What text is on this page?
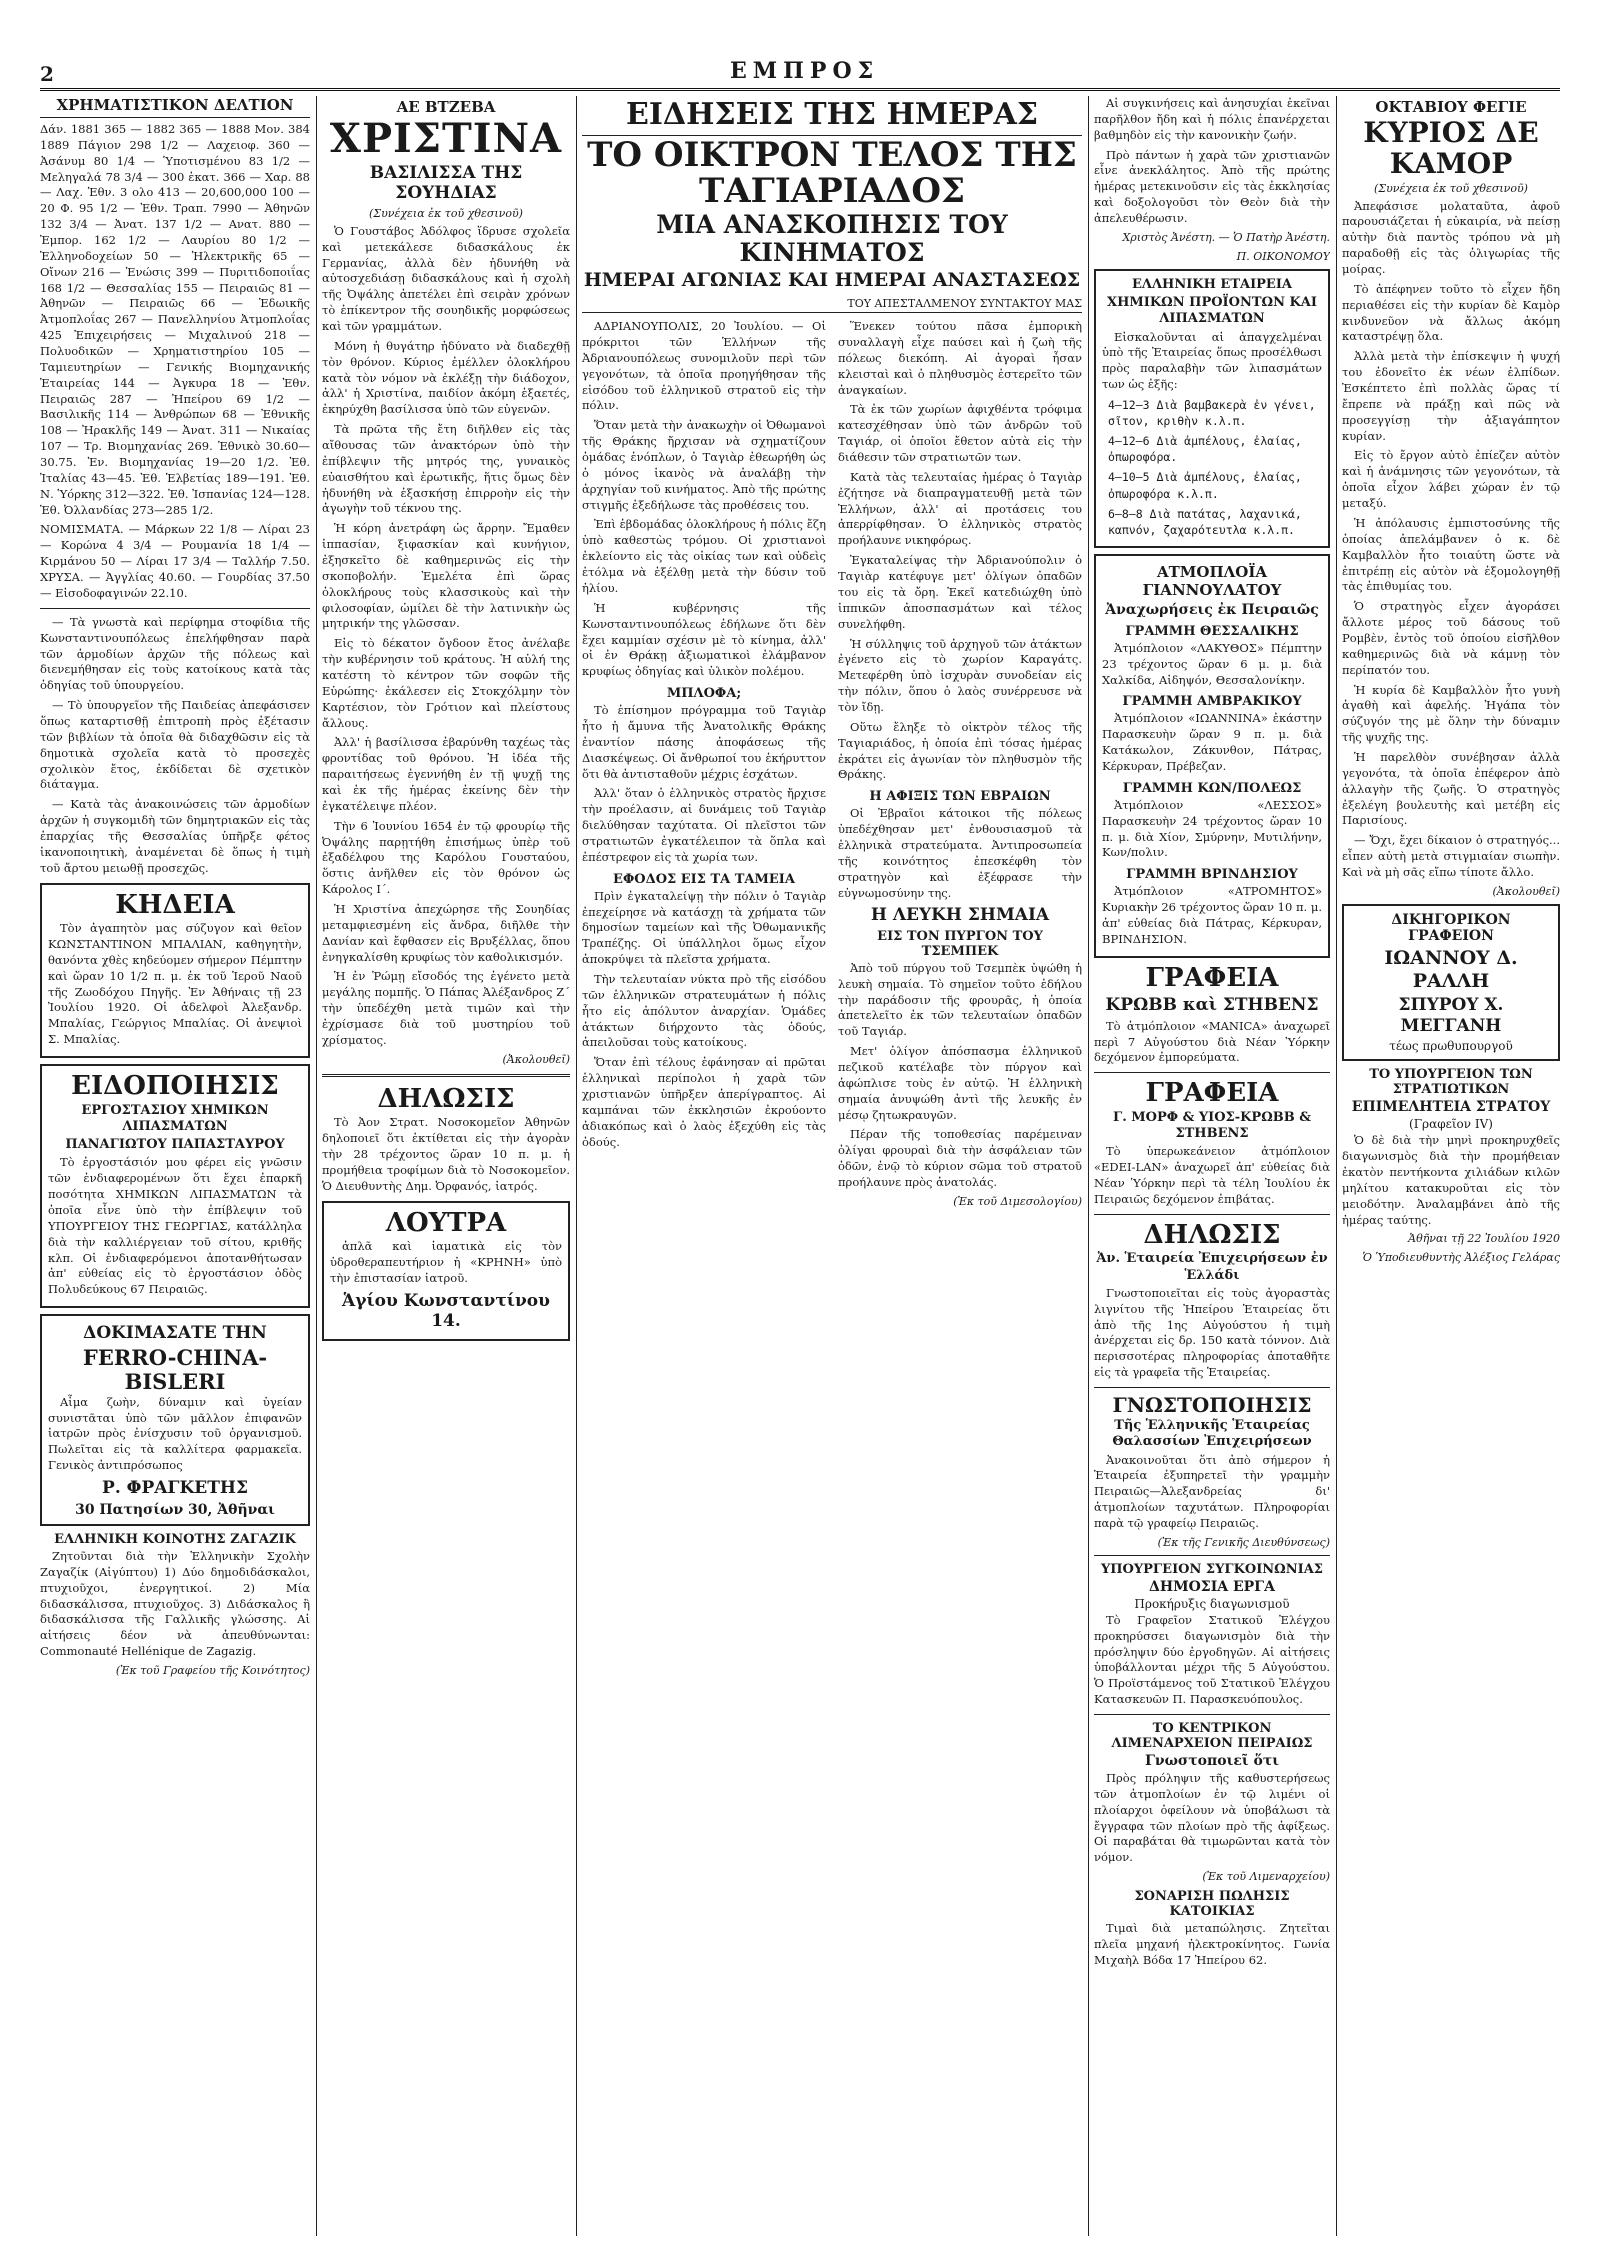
2	ΕΜΠΡΟΣ
ΧΡΗΜΑΤΙΣΤΙΚΟΝ ΔΕΛΤΙΟΝ

Δάν. 1881 365 — 1882 365 — 1888 Μον. 384 1889 Πάγιον 298 1/2 — Λαχειοφ. 360 — Ἀσάνυμ 80 1/4 — Ὑποτισμένου 83 1/2 — Μεληγαλά 78 3/4 — 300 ἑκατ. 366 — Χαρ. 88 — Λαχ. Ἐθν. 3 ολο 413 — 20,600,000 100 — 20 Φ. 95 1/2 — Ἐθν. Τραπ. 7990 — Ἀθηνῶν 132 3/4 — Ἀνατ. 137 1/2 — Ανατ. 880 — Ἐμπορ. 162 1/2 — Λαυρίου 80 1/2 — Ἑλληνοδοχείων 50 — Ἠλεκτρικῆς 65 — Οἴνων 216 — Ἐνώσις 399 — Πυριτιδοποιΐας 168 1/2 — Θεσσαλίας 155 — Πειραιῶς 81 — Ἀθηνῶν — Πειραιῶς 66 — Ἑδωικῆς Ἀτμοπλοΐας 267 — Πανελληνίου Ἀτμοπλοΐας 425 Ἐπιχειρήσεις — Μιχαλινού 218 — Πολυοδικῶν — Χρηματιστηρίου 105 — Ταμιευτηρίων — Γενικής Βιομηχανικής Ἑταιρείας 144 — Ἀγκυρα 18 — Ἐθν. Πειραιῶς 287 — Ἠπείρου 69 1/2 — Βασιλικῆς 114 — Ἀνθρώπων 68 — Ἐθνικῆς 108 — Ἠρακλῆς 149 — Ἀνατ. 311 — Νικαίας 107 — Τρ. Βιομηχανίας 269. Ἐθνικὸ 30.60—30.75. Ἐν. Βιομηχανίας 19—20 1/2. Ἐθ. Ἰταλίας 43—45. Ἐθ. Ἑλβετίας 189—191. Ἐθ. Ν. Ὑόρκης 312—322. Ἐθ. Ἰσπανίας 124—128. Ἐθ. Ὀλλανδίας 273—285 1/2.

ΝΟΜΙΣΜΑΤΑ. — Μάρκων 22 1/8 — Λίραι 23 — Κορώνα 4 3/4 — Ρουμανία 18 1/4 — Κιρμάνου 50 — Λίραι 17 3/4 — Ταλλήρ 7.50. ΧΡΥΣΑ. — Ἀγγλίας 40.60. — Γουρδίας 37.50 — Εἰσοδοφαγινών 22.10.

— Τὰ γνωστὰ καὶ περίφημα στοφίδια τῆς Κωνσταντινουπόλεως ἐπελήφθησαν παρὰ τῶν ἁρμοδίων ἀρχῶν τῆς πόλεως καὶ διενεμήθησαν εἰς τοὺς κατοίκους κατὰ τὰς ὁδηγίας τοῦ ὑπουργείου.

— Τὸ ὑπουργεῖον τῆς Παιδείας ἀπεφάσισεν ὅπως καταρτισθῇ ἐπιτροπὴ πρὸς ἐξέτασιν τῶν βιβλίων τὰ ὁποῖα θὰ διδαχθῶσιν εἰς τὰ δημοτικὰ σχολεῖα κατὰ τὸ προσεχὲς σχολικὸν ἔτος, ἐκδίδεται δὲ σχετικὸν διάταγμα.

— Κατὰ τὰς ἀνακοινώσεις τῶν ἀρμοδίων ἀρχῶν ἡ συγκομιδὴ τῶν δημητριακῶν εἰς τὰς ἐπαρχίας τῆς Θεσσαλίας ὑπῆρξε φέτος ἱκανοποιητικὴ, ἀναμένεται δὲ ὅπως ἡ τιμὴ τοῦ ἄρτου μειωθῇ προσεχῶς.

ΚΗΔΕΙΑ

Τὸν ἀγαπητὸν μας σύζυγον καὶ θεῖον ΚΩΝΣΤΑΝΤΙΝΟΝ ΜΠΑΛΙΑΝ, καθηγητὴν, θανόντα χθὲς κηδεύομεν σήμερον Πέμπτην καὶ ὥραν 10 1/2 π. μ. ἐκ τοῦ Ἱεροῦ Ναοῦ τῆς Ζωοδόχου Πηγῆς. Ἐν Ἀθήναις τῇ 23 Ἰουλίου 1920. Οἱ ἀδελφοὶ Ἀλεξανδρ. Μπαλίας, Γεώργιος Μπαλίας. Οἱ ἀνεψιοὶ Σ. Μπαλίας.

ΕΙΔΟΠΟΙΗΣΙΣ
ΕΡΓΟΣΤΑΣΙΟΥ ΧΗΜΙΚΩΝ ΛΙΠΑΣΜΑΤΩΝ
ΠΑΝΑΓΙΩΤΟΥ ΠΑΠΑΣΤΑΥΡΟΥ

Τὸ ἐργοστάσιόν μου φέρει εἰς γνῶσιν τῶν ἐνδιαφερομένων ὅτι ἔχει ἐπαρκῆ ποσότητα ΧΗΜΙΚΩΝ ΛΙΠΑΣΜΑΤΩΝ τὰ ὁποῖα εἶνε ὑπὸ τὴν ἐπίβλεψιν τοῦ ΥΠΟΥΡΓΕΙΟΥ ΤΗΣ ΓΕΩΡΓΙΑΣ, κατάλληλα διὰ τὴν καλλιέργειαν τοῦ σίτου, κριθῆς κλπ. Οἱ ἐνδιαφερόμενοι ἀποτανθήτωσαν ἀπ' εὐθείας εἰς τὸ ἐργοστάσιον ὁδὸς Πολυδεύκους 67 Πειραιῶς.

ΔΟΚΙΜΑΣΑΤΕ ΤΗΝ
FERRO-CHINA-BISLERI

Αἷμα ζωὴν, δύναμιν καὶ ὑγείαν συνιστᾶται ὑπὸ τῶν μᾶλλον ἐπιφανῶν ἰατρῶν πρὸς ἐνίσχυσιν τοῦ ὀργανισμοῦ. Πωλεῖται εἰς τὰ καλλίτερα φαρμακεῖα. Γενικὸς ἀντιπρόσωπος

Ρ. ΦΡΑΓΚΕΤΗΣ
30 Πατησίων 30, Ἀθῆναι
ΕΛΛΗΝΙΚΗ ΚΟΙΝΟΤΗΣ ΖΑΓΑΖΙΚ

Ζητοῦνται διὰ τὴν Ἑλληνικὴν Σχολὴν Ζαγαζίκ (Αἰγύπτου) 1) Δύο δημοδιδάσκαλοι, πτυχιοῦχοι, ἐνεργητικοί. 2) Μία διδασκάλισσα, πτυχιοῦχος. 3) Διδάσκαλος ἢ διδασκάλισσα τῆς Γαλλικῆς γλώσσης. Αἱ αἰτήσεις δέον νὰ ἀπευθύνωνται: Commonauté Hellénique de Zagazig.

(Ἐκ τοῦ Γραφείου τῆς Κοινότητος)

ΑΕ ΒΤΖΕΒΑ
ΧΡΙΣΤΙΝΑ
ΒΑΣΙΛΙΣΣΑ ΤΗΣ ΣΟΥΗΔΙΑΣ
(Συνέχεια ἐκ τοῦ χθεσινοῦ)

Ὁ Γουστάβος Ἀδόλφος ἵδρυσε σχολεῖα καὶ μετεκάλεσε διδασκάλους ἐκ Γερμανίας, ἀλλὰ δὲν ἠδυνήθη νὰ αὐτοσχεδιάσῃ διδασκάλους καὶ ἡ σχολὴ τῆς Ὀψάλης ἀπετέλει ἐπὶ σειρὰν χρόνων τὸ ἐπίκεντρον τῆς σουηδικῆς μορφώσεως καὶ τῶν γραμμάτων.

Μόνη ἡ θυγάτηρ ἠδύνατο νὰ διαδεχθῇ τὸν θρόνον. Κύριος ἐμέλλεν ὁλοκλήρου κατὰ τὸν νόμον νὰ ἐκλέξῃ τὴν διάδοχον, ἀλλ' ἡ Χριστίνα, παιδίον ἀκόμη ἑξαετές, ἐκηρύχθη βασίλισσα ὑπὸ τῶν εὐγενῶν.

Τὰ πρῶτα τῆς ἔτη διῆλθεν εἰς τὰς αἴθουσας τῶν ἀνακτόρων ὑπὸ τὴν ἐπίβλεψιν τῆς μητρός της, γυναικὸς εὐαισθήτου καὶ ἐρωτικῆς, ἥτις ὅμως δὲν ἠδυνήθη νὰ ἐξασκήσῃ ἐπιρροὴν εἰς τὴν ἀγωγὴν τοῦ τέκνου της.

Ἡ κόρη ἀνετράφη ὡς ἄρρην. Ἔμαθεν ἱππασίαν, ξιφασκίαν καὶ κυνήγιον, ἐξησκεῖτο δὲ καθημερινῶς εἰς τὴν σκοποβολήν. Ἐμελέτα ἐπὶ ὥρας ὁλοκλήρους τοὺς κλασσικοὺς καὶ τὴν φιλοσοφίαν, ὡμίλει δὲ τὴν λατινικὴν ὡς μητρικήν της γλῶσσαν.

Εἰς τὸ δέκατον ὄγδοον ἔτος ἀνέλαβε τὴν κυβέρνησιν τοῦ κράτους. Ἡ αὐλή της κατέστη τὸ κέντρον τῶν σοφῶν τῆς Εὐρώπης· ἐκάλεσεν εἰς Στοκχόλμην τὸν Καρτέσιον, τὸν Γρότιον καὶ πλείστους ἄλλους.

Ἀλλ' ἡ βασίλισσα ἐβαρύνθη ταχέως τὰς φροντίδας τοῦ θρόνου. Ἡ ἰδέα τῆς παραιτήσεως ἐγεννήθη ἐν τῇ ψυχῇ της καὶ ἐκ τῆς ἡμέρας ἐκείνης δὲν τὴν ἐγκατέλειψε πλέον.

Τὴν 6 Ἰουνίου 1654 ἐν τῷ φρουρίῳ τῆς Ὀψάλης παρῃτήθη ἐπισήμως ὑπὲρ τοῦ ἐξαδέλφου της Καρόλου Γουσταύου, ὅστις ἀνῆλθεν εἰς τὸν θρόνον ὡς Κάρολος Ι΄.

Ἡ Χριστίνα ἀπεχώρησε τῆς Σουηδίας μεταμφιεσμένη εἰς ἄνδρα, διῆλθε τὴν Δανίαν καὶ ἔφθασεν εἰς Βρυξέλλας, ὅπου ἐνηγκαλίσθη κρυφίως τὸν καθολικισμόν.

Ἡ ἐν Ῥώμῃ εἴσοδός της ἐγένετο μετὰ μεγάλης πομπῆς. Ὁ Πάπας Ἀλέξανδρος Ζ΄ τὴν ὑπεδέχθη μετὰ τιμῶν καὶ τὴν ἐχρίσμασε διὰ τοῦ μυστηρίου τοῦ χρίσματος.

(Ἀκολουθεῖ)

ΔΗΛΩΣΙΣ

Τὸ Ἀον Στρατ. Νοσοκομεῖον Ἀθηνῶν δηλοποιεῖ ὅτι ἐκτίθεται εἰς τὴν ἀγορὰν τὴν 28 τρέχοντος ὥραν 10 π. μ. ἡ προμήθεια τροφίμων διὰ τὸ Νοσοκομεῖον. Ὁ Διευθυντὴς Δημ. Ὀρφανός, ἰατρός.

ΛΟΥΤΡΑ

ἀπλᾶ καὶ ἰαματικὰ εἰς τὸν ὑδροθεραπευτήριον ἡ «ΚΡΗΝΗ» ὑπὸ τὴν ἐπιστασίαν ἰατροῦ.

Ἁγίου Κωνσταντίνου 14.
ΕΙΔΗΣΕΙΣ ΤΗΣ ΗΜΕΡΑΣ
ΤΟ ΟΙΚΤΡΟΝ ΤΕΛΟΣ ΤΗΣ ΤΑΓΙΑΡΙΑΔΟΣ
ΜΙΑ ΑΝΑΣΚΟΠΗΣΙΣ ΤΟΥ ΚΙΝΗΜΑΤΟΣ
ΗΜΕΡΑΙ ΑΓΩΝΙΑΣ ΚΑΙ ΗΜΕΡΑΙ ΑΝΑΣΤΑΣΕΩΣ
ΤΟΥ ΑΠΕΣΤΑΛΜΕΝΟΥ ΣΥΝΤΑΚΤΟΥ ΜΑΣ

ΑΔΡΙΑΝΟΥΠΟΛΙΣ, 20 Ἰουλίου. — Οἱ πρόκριτοι τῶν Ἑλλήνων τῆς Ἀδριανουπόλεως συνομιλοῦν περὶ τῶν γεγονότων, τὰ ὁποῖα προηγήθησαν τῆς εἰσόδου τοῦ ἑλληνικοῦ στρατοῦ εἰς τὴν πόλιν.

Ὅταν μετὰ τὴν ἀνακωχὴν οἱ Ὀθωμανοὶ τῆς Θράκης ἤρχισαν νὰ σχηματίζουν ὁμάδας ἐνόπλων, ὁ Ταγιὰρ ἐθεωρήθη ὡς ὁ μόνος ἱκανὸς νὰ ἀναλάβῃ τὴν ἀρχηγίαν τοῦ κινήματος. Ἀπὸ τῆς πρώτης στιγμῆς ἐξεδήλωσε τὰς προθέσεις του.

Ἐπὶ ἑβδομάδας ὁλοκλήρους ἡ πόλις ἔζη ὑπὸ καθεστὼς τρόμου. Οἱ χριστιανοὶ ἐκλείοντο εἰς τὰς οἰκίας των καὶ οὐδεὶς ἐτόλμα νὰ ἐξέλθῃ μετὰ τὴν δύσιν τοῦ ἡλίου.

Ἡ κυβέρνησις τῆς Κωνσταντινουπόλεως ἐδήλωνε ὅτι δὲν ἔχει καμμίαν σχέσιν μὲ τὸ κίνημα, ἀλλ' οἱ ἐν Θράκῃ ἀξιωματικοὶ ἐλάμβανον κρυφίως ὁδηγίας καὶ ὑλικὸν πολέμου.

ΜΠΛΟΦΑ;

Τὸ ἐπίσημον πρόγραμμα τοῦ Ταγιὰρ ἦτο ἡ ἄμυνα τῆς Ἀνατολικῆς Θράκης ἐναντίον πάσης ἀποφάσεως τῆς Διασκέψεως. Οἱ ἄνθρωποί του ἐκήρυττον ὅτι θὰ ἀντισταθοῦν μέχρις ἐσχάτων.

Ἀλλ' ὅταν ὁ ἑλληνικὸς στρατὸς ἤρχισε τὴν προέλασιν, αἱ δυνάμεις τοῦ Ταγιὰρ διελύθησαν ταχύτατα. Οἱ πλεῖστοι τῶν στρατιωτῶν ἐγκατέλειπον τὰ ὅπλα καὶ ἐπέστρεφον εἰς τὰ χωρία των.

ΕΦΟΔΟΣ ΕΙΣ ΤΑ ΤΑΜΕΙΑ

Πρὶν ἐγκαταλείψῃ τὴν πόλιν ὁ Ταγιὰρ ἐπεχείρησε νὰ κατάσχῃ τὰ χρήματα τῶν δημοσίων ταμείων καὶ τῆς Ὀθωμανικῆς Τραπέζης. Οἱ ὑπάλληλοι ὅμως εἶχον ἀποκρύψει τὰ πλεῖστα χρήματα.

Τὴν τελευταίαν νύκτα πρὸ τῆς εἰσόδου τῶν ἑλληνικῶν στρατευμάτων ἡ πόλις ἦτο εἰς ἀπόλυτον ἀναρχίαν. Ὁμάδες ἀτάκτων διήρχοντο τὰς ὁδούς, ἀπειλοῦσαι τοὺς κατοίκους.

Ὅταν ἐπὶ τέλους ἐφάνησαν αἱ πρῶται ἑλληνικαὶ περίπολοι ἡ χαρὰ τῶν χριστιανῶν ὑπῆρξεν ἀπερίγραπτος. Αἱ καμπάναι τῶν ἐκκλησιῶν ἐκρούοντο ἀδιακόπως καὶ ὁ λαὸς ἐξεχύθη εἰς τὰς ὁδούς.

Ἕνεκεν τούτου πᾶσα ἐμπορικὴ συναλλαγὴ εἶχε παύσει καὶ ἡ ζωὴ τῆς πόλεως διεκόπη. Αἱ ἀγοραὶ ἦσαν κλεισταὶ καὶ ὁ πληθυσμὸς ἐστερεῖτο τῶν ἀναγκαίων.

Τὰ ἐκ τῶν χωρίων ἀφιχθέντα τρόφιμα κατεσχέθησαν ὑπὸ τῶν ἀνδρῶν τοῦ Ταγιάρ, οἱ ὁποῖοι ἔθετον αὐτὰ εἰς τὴν διάθεσιν τῶν στρατιωτῶν των.

Κατὰ τὰς τελευταίας ἡμέρας ὁ Ταγιὰρ ἐζήτησε νὰ διαπραγματευθῇ μετὰ τῶν Ἑλλήνων, ἀλλ' αἱ προτάσεις του ἀπερρίφθησαν. Ὁ ἑλληνικὸς στρατὸς προήλαυνε νικηφόρως.

Ἐγκαταλείψας τὴν Ἀδριανούπολιν ὁ Ταγιὰρ κατέφυγε μετ' ὀλίγων ὀπαδῶν του εἰς τὰ ὄρη. Ἐκεῖ κατεδιώχθη ὑπὸ ἱππικῶν ἀποσπασμάτων καὶ τέλος συνελήφθη.

Ἡ σύλληψις τοῦ ἀρχηγοῦ τῶν ἀτάκτων ἐγένετο εἰς τὸ χωρίον Καραγάτς. Μετεφέρθη ὑπὸ ἰσχυρὰν συνοδείαν εἰς τὴν πόλιν, ὅπου ὁ λαὸς συνέρρευσε νὰ τὸν ἴδῃ.

Οὕτω ἔληξε τὸ οἰκτρὸν τέλος τῆς Ταγιαριάδος, ἡ ὁποία ἐπὶ τόσας ἡμέρας ἐκράτει εἰς ἀγωνίαν τὸν πληθυσμὸν τῆς Θράκης.

Η ΑΦΙΞΙΣ ΤΩΝ ΕΒΡΑΙΩΝ

Οἱ Ἑβραῖοι κάτοικοι τῆς πόλεως ὑπεδέχθησαν μετ' ἐνθουσιασμοῦ τὰ ἑλληνικὰ στρατεύματα. Ἀντιπροσωπεία τῆς κοινότητος ἐπεσκέφθη τὸν στρατηγὸν καὶ ἐξέφρασε τὴν εὐγνωμοσύνην της.

Η ΛΕΥΚΗ ΣΗΜΑΙΑ
ΕΙΣ ΤΟΝ ΠΥΡΓΟΝ ΤΟΥ ΤΣΕΜΠΕΚ

Ἀπὸ τοῦ πύργου τοῦ Τσεμπὲκ ὑψώθη ἡ λευκὴ σημαία. Τὸ σημεῖον τοῦτο ἐδήλου τὴν παράδοσιν τῆς φρουρᾶς, ἡ ὁποία ἀπετελεῖτο ἐκ τῶν τελευταίων ὀπαδῶν τοῦ Ταγιάρ.

Μετ' ὀλίγον ἀπόσπασμα ἑλληνικοῦ πεζικοῦ κατέλαβε τὸν πύργον καὶ ἀφώπλισε τοὺς ἐν αὐτῷ. Ἡ ἑλληνικὴ σημαία ἀνυψώθη ἀντὶ τῆς λευκῆς ἐν μέσῳ ζητωκραυγῶν.

Πέραν τῆς τοποθεσίας παρέμειναν ὀλίγαι φρουραὶ διὰ τὴν ἀσφάλειαν τῶν ὁδῶν, ἐνῷ τὸ κύριον σῶμα τοῦ στρατοῦ προήλαυνε πρὸς ἀνατολάς.

(Ἐκ τοῦ Διμεσολογίου)

Αἱ συγκινήσεις καὶ ἀνησυχίαι ἐκεῖναι παρῆλθον ἤδη καὶ ἡ πόλις ἐπανέρχεται βαθμηδὸν εἰς τὴν κανονικὴν ζωήν.

Πρὸ πάντων ἡ χαρὰ τῶν χριστιανῶν εἶνε ἀνεκλάλητος. Ἀπὸ τῆς πρώτης ἡμέρας μετεκινοῦσιν εἰς τὰς ἐκκλησίας καὶ δοξολογοῦσι τὸν Θεὸν διὰ τὴν ἀπελευθέρωσιν.

Χριστὸς Ἀνέστη. — Ὁ Πατὴρ Ἀνέστη.

Π. ΟΙΚΟΝΟΜΟΥ

ΕΛΛΗΝΙΚΗ ΕΤΑΙΡΕΙΑ
ΧΗΜΙΚΩΝ ΠΡΟΪΟΝΤΩΝ ΚΑΙ ΛΙΠΑΣΜΑΤΩΝ

Εἰσκαλοῦνται αἱ ἁπαγχελμέναι ὑπὸ τῆς Ἐταιρείας ὅπως προσέλθωσι πρὸς παραλαβὴν τῶν λιπασμάτων των ὡς ἑξῆς:

4—12—3 Διὰ βαμβακερὰ ἐν γένει, σῖτον, κριθὴν κ.λ.π.
4—12—6 Διὰ ἀμπέλους, ἐλαίας, ὀπωροφόρα.
4—10—5 Διὰ ἀμπέλους, ἐλαίας, ὀπωροφόρα κ.λ.π.
6—8—8 Διὰ πατάτας, λαχανικά, καπνόν, ζαχαρότευτλα κ.λ.π.
ΑΤΜΟΠΛΟΪΑ ΓΙΑΝΝΟΥΛΑΤΟΥ
Ἀναχωρήσεις ἐκ Πειραιῶς
ΓΡΑΜΜΗ ΘΕΣΣΑΛΙΚΗΣ

Ἀτμόπλοιον «ΛΑΚΥΘΟΣ» Πέμπτην 23 τρέχοντος ὥραν 6 μ. μ. διὰ Χαλκίδα, Αἰδηψόν, Θεσσαλονίκην.

ΓΡΑΜΜΗ ΑΜΒΡΑΚΙΚΟΥ

Ἀτμόπλοιον «ΙΩΑΝΝΙΝΑ» ἐκάστην Παρασκευὴν ὥραν 9 π. μ. διὰ Κατάκωλον, Ζάκυνθον, Πάτρας, Κέρκυραν, Πρέβεζαν.

ΓΡΑΜΜΗ ΚΩΝ/ΠΟΛΕΩΣ

Ἀτμόπλοιον «ΛΕΣΣΟΣ» Παρασκευὴν 24 τρέχοντος ὥραν 10 π. μ. διὰ Χίον, Σμύρνην, Μυτιλήνην, Κων/πολιν.

ΓΡΑΜΜΗ ΒΡΙΝΔΗΣΙΟΥ

Ἀτμόπλοιον «ΑΤΡΟΜΗΤΟΣ» Κυριακὴν 26 τρέχοντος ὥραν 10 π. μ. ἀπ' εὐθείας διὰ Πάτρας, Κέρκυραν, ΒΡΙΝΔΗΣΙΟΝ.

ΓΡΑΦΕΙΑ
ΚΡΩΒΒ καὶ ΣΤΗΒΕΝΣ

Τὸ ἀτμόπλοιον «MANICA» ἀναχωρεῖ περὶ 7 Αὐγούστου διὰ Νέαν Ὑόρκην δεχόμενον ἐμπορεύματα.

ΓΡΑΦΕΙΑ
Γ. ΜΟΡΦ & ΥΙΟΣ-ΚΡΩΒΒ & ΣΤΗΒΕΝΣ

Τὸ ὑπερωκεάνειον ἀτμόπλοιον «ΕDΕΙ-LAN» ἀναχωρεῖ ἀπ' εὐθείας διὰ Νέαν Ὑόρκην περὶ τὰ τέλη Ἰουλίου ἐκ Πειραιῶς δεχόμενον ἐπιβάτας.

ΔΗΛΩΣΙΣ
Ἀν. Ἑταιρεία Ἐπιχειρήσεων ἐν Ἑλλάδι

Γνωστοποιεῖται εἰς τοὺς ἀγοραστὰς λιγνίτου τῆς Ἠπείρου Ἑταιρείας ὅτι ἀπὸ τῆς 1ης Αὐγούστου ἡ τιμὴ ἀνέρχεται εἰς δρ. 150 κατὰ τόννον. Διὰ περισσοτέρας πληροφορίας ἀποταθῆτε εἰς τὰ γραφεῖα τῆς Ἑταιρείας.

ΓΝΩΣΤΟΠΟΙΗΣΙΣ
Τῆς Ἑλληνικῆς Ἑταιρείας Θαλασσίων Ἐπιχειρήσεων

Ἀνακοινοῦται ὅτι ἀπὸ σήμερον ἡ Ἑταιρεία ἐξυπηρετεῖ τὴν γραμμὴν Πειραιῶς—Ἀλεξανδρείας δι' ἀτμοπλοίων ταχυτάτων. Πληροφορίαι παρὰ τῷ γραφείῳ Πειραιῶς.

(Ἐκ τῆς Γενικῆς Διευθύνσεως)

ΥΠΟΥΡΓΕΙΟΝ ΣΥΓΚΟΙΝΩΝΙΑΣ
ΔΗΜΟΣΙΑ ΕΡΓΑ
Προκήρυξις διαγωνισμοῦ

Τὸ Γραφεῖον Στατικοῦ Ἐλέγχου προκηρύσσει διαγωνισμὸν διὰ τὴν πρόσληψιν δύο ἐργοδηγῶν. Αἱ αἰτήσεις ὑποβάλλονται μέχρι τῆς 5 Αὐγούστου. Ὁ Προϊστάμενος τοῦ Στατικοῦ Ἐλέγχου Κατασκευῶν Π. Παρασκευόπουλος.

ΤΟ ΚΕΝΤΡΙΚΟΝ ΛΙΜΕΝΑΡΧΕΙΟΝ ΠΕΙΡΑΙΩΣ
Γνωστοποιεῖ ὅτι

Πρὸς πρόληψιν τῆς καθυστερήσεως τῶν ἀτμοπλοίων ἐν τῷ λιμένι οἱ πλοίαρχοι ὀφείλουν νὰ ὑποβάλωσι τὰ ἔγγραφα τῶν πλοίων πρὸ τῆς ἀφίξεως. Οἱ παραβάται θὰ τιμωρῶνται κατὰ τὸν νόμον.

(Ἐκ τοῦ Λιμεναρχείου)

ΣΟΝΑΡΙΣΗ ΠΩΛΗΣΙΣ ΚΑΤΟΙΚΙΑΣ

Τιμαὶ διὰ μεταπώλησις. Ζητεῖται πλεῖα μηχανή ἠλεκτροκίνητος. Γωνία Μιχαὴλ Βόδα 17 Ἠπείρου 62.

ΟΚΤΑΒΙΟΥ ΦΕΓΙΕ
ΚΥΡΙΟΣ ΔΕ ΚΑΜΟΡ
(Συνέχεια ἐκ τοῦ χθεσινοῦ)

Ἀπεφάσισε μολαταῦτα, ἀφοῦ παρουσιάζεται ἡ εὐκαιρία, νὰ πείσῃ αὐτὴν διὰ παντὸς τρόπου νὰ μὴ παραδοθῇ εἰς τὰς ὁλιγωρίας τῆς μοίρας.

Τὸ ἀπέφηνεν τοῦτο τὸ εἶχεν ἤδη περιαθέσει εἰς τὴν κυρίαν δὲ Καμὸρ κινδυνεῦον νὰ ἄλλως ἀκόμη καταστρέψῃ ὅλα.

Ἀλλὰ μετὰ τὴν ἐπίσκεψιν ἡ ψυχή του ἐδονεῖτο ἐκ νέων ἐλπίδων. Ἐσκέπτετο ἐπὶ πολλὰς ὥρας τί ἔπρεπε νὰ πράξῃ καὶ πῶς νὰ προσεγγίσῃ τὴν ἀξιαγάπητον κυρίαν.

Εἰς τὸ ἔργον αὐτὸ ἐπίεζεν αὐτὸν καὶ ἡ ἀνάμνησις τῶν γεγονότων, τὰ ὁποῖα εἶχον λάβει χώραν ἐν τῷ μεταξύ.

Ἡ ἀπόλαυσις ἐμπιστοσύνης τῆς ὁποίας ἀπελάμβανεν ὁ κ. δὲ Καμβαλλὸν ἦτο τοιαύτη ὥστε νὰ ἐπιτρέπῃ εἰς αὐτὸν νὰ ἐξομολογηθῇ τὰς ἐπιθυμίας του.

Ὁ στρατηγὸς εἶχεν ἀγοράσει ἄλλοτε μέρος τοῦ δάσους τοῦ Ρομβὲν, ἐντὸς τοῦ ὁποίου εἰσῆλθον καθημερινῶς διὰ νὰ κάμνῃ τὸν περίπατόν του.

Ἡ κυρία δὲ Καμβαλλὸν ἦτο γυνὴ ἀγαθὴ καὶ ἀφελής. Ἡγάπα τὸν σύζυγόν της μὲ ὅλην τὴν δύναμιν τῆς ψυχῆς της.

Ἡ παρελθὸν συνέβησαν ἀλλὰ γεγονότα, τὰ ὁποῖα ἐπέφερον ἀπὸ ἀλλαγὴν τῆς ζωῆς. Ὁ στρατηγὸς ἐξελέγη βουλευτὴς καὶ μετέβη εἰς Παρισίους.

— Ὄχι, ἔχει δίκαιον ὁ στρατηγός... εἶπεν αὐτὴ μετὰ στιγμιαίαν σιωπὴν. Καὶ νὰ μὴ σᾶς εἴπω τίποτε ἄλλο.

(Ἀκολουθεῖ)

ΔΙΚΗΓΟΡΙΚΟΝ ΓΡΑΦΕΙΟΝ
ΙΩΑΝΝΟΥ Δ. ΡΑΛΛΗ
ΣΠΥΡΟΥ Χ. ΜΕΓΓΑΝΗ
τέως πρωθυπουργοῦ
ΤΟ ΥΠΟΥΡΓΕΙΟΝ ΤΩΝ ΣΤΡΑΤΙΩΤΙΚΩΝ
ΕΠΙΜΕΛΗΤΕΙΑ ΣΤΡΑΤΟΥ
(Γραφεῖον IV)

Ὁ δὲ διὰ τὴν μηνὶ προκηρυχθεῖς διαγωνισμὸς διὰ τὴν προμήθειαν ἐκατὸν πεντήκοντα χιλιάδων κιλῶν μηλίτου κατακυροῦται εἰς τὸν μειοδότην. Ἀναλαμβάνει ἀπὸ τῆς ἡμέρας ταύτης.

Ἀθῆναι τῇ 22 Ἰουλίου 1920

Ὁ Ὑποδιευθυντὴς Ἀλέξιος Γελάρας
